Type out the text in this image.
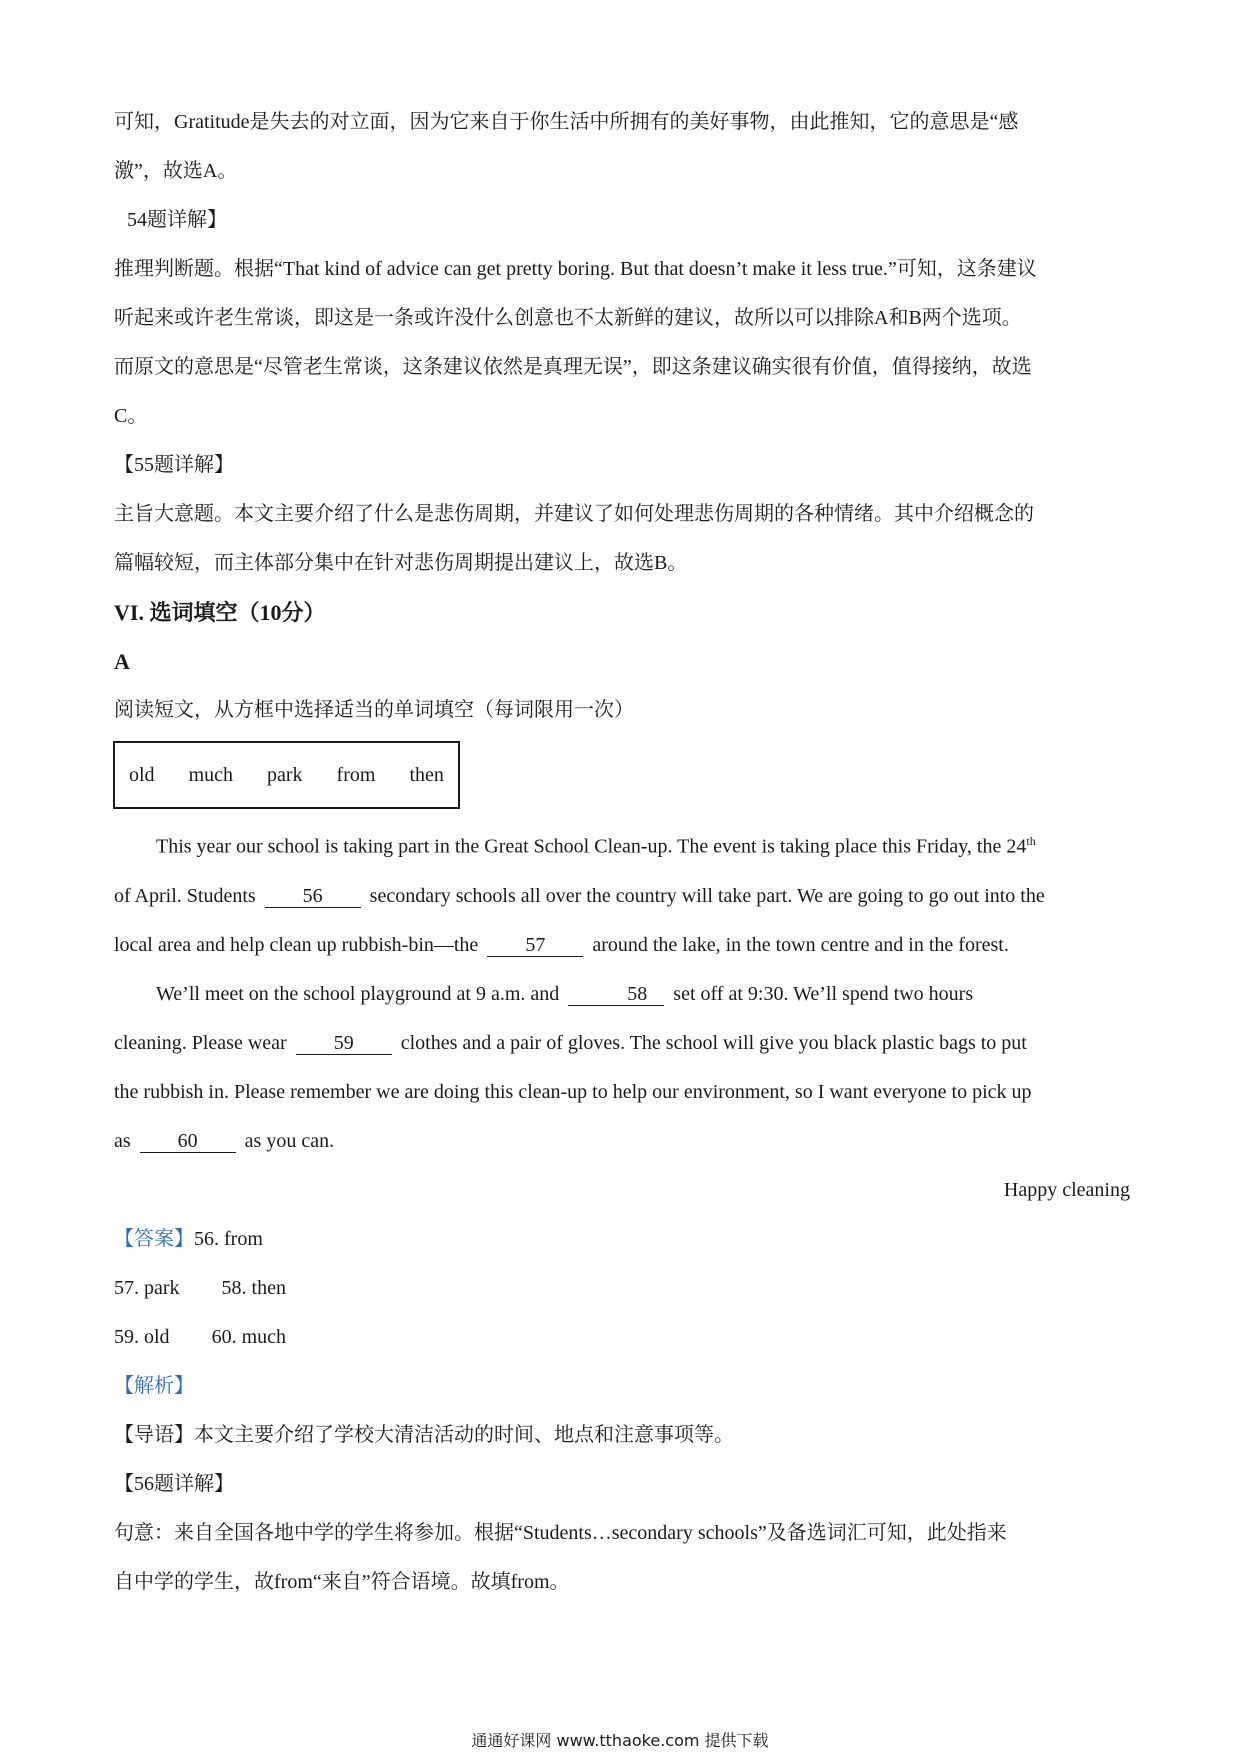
可知，Gratitude是失去的对立面，因为它来自于你生活中所拥有的美好事物，由此推知，它的意思是“感

激”，故选A。

54题详解】

推理判断题。根据“That kind of advice can get pretty boring. But that doesn’t make it less true.”可知，这条建议

听起来或许老生常谈，即这是一条或许没什么创意也不太新鲜的建议，故所以可以排除A和B两个选项。

而原文的意思是“尽管老生常谈，这条建议依然是真理无误”，即这条建议确实很有价值，值得接纳，故选

C。

【55题详解】

主旨大意题。本文主要介绍了什么是悲伤周期，并建议了如何处理悲伤周期的各种情绪。其中介绍概念的

篇幅较短，而主体部分集中在针对悲伤周期提出建议上，故选B。

VI. 选词填空（10分）

A

阅读短文，从方框中选择适当的单词填空（每词限用一次）

old much park from then

This year our school is taking part in the Great School Clean-up. The event is taking place this Friday, the 24th

of April. Students 56 secondary schools all over the country will take part. We are going to go out into the

local area and help clean up rubbish-bin—the 57 around the lake, in the town centre and in the forest.

We’ll meet on the school playground at 9 a.m. and	58 set off at 9:30. We’ll spend two hours

cleaning. Please wear 59 clothes and a pair of gloves. The school will give you black plastic bags to put

the rubbish in. Please remember we are doing this clean-up to help our environment, so I want everyone to pick up

as 60 as you can.

Happy cleaning

【答案】56. from

57. park 58. then

59. old 60. much

【解析】

【导语】本文主要介绍了学校大清洁活动的时间、地点和注意事项等。

【56题详解】

句意：来自全国各地中学的学生将参加。根据“Students…secondary schools”及备选词汇可知，此处指来

自中学的学生，故from“来自”符合语境。故填from。

通通好课网 www.tthaoke.com 提供下载
